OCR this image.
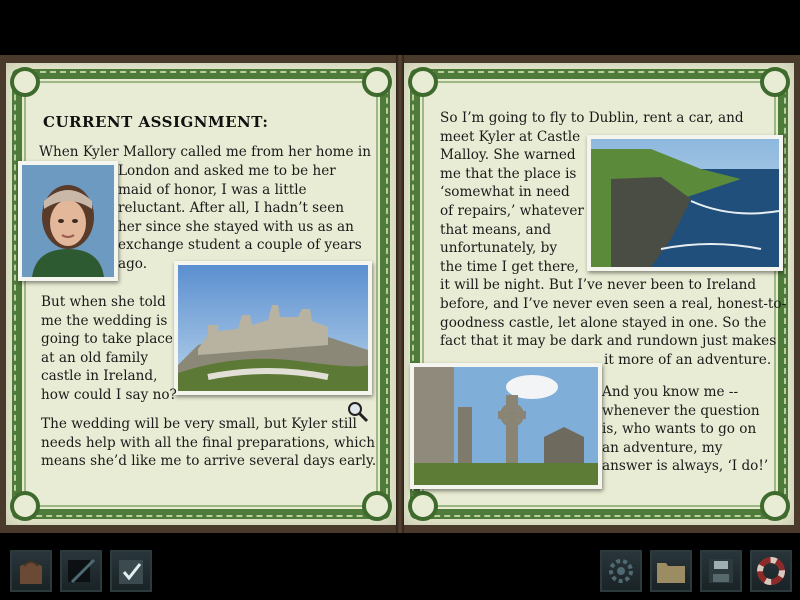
CURRENT ASSIGNMENT:
When Kyler Mallory called me from her home in
London and asked me to be her
maid of honor, I was a little
reluctant. After all, I hadn’t seen
her since she stayed with us as an
exchange student a couple of years
ago.
But when she told
me the wedding is
going to take place
at an old family
castle in Ireland,
how could I say no?
The wedding will be very small, but Kyler still
needs help with all the final preparations, which
means she’d like me to arrive several days early.
So I’m going to fly to Dublin, rent a car, and
meet Kyler at Castle
Malloy. She warned
me that the place is
‘somewhat in need
of repairs,’ whatever
that means, and
unfortunately, by
the time I get there,
it will be night. But I’ve never been to Ireland
before, and I’ve never even seen a real, honest-to-
goodness castle, let alone stayed in one. So the
fact that it may be dark and rundown just makes
it more of an adventure.
And you know me --
whenever the question
is, who wants to go on
an adventure, my
answer is always, ‘I do!’
